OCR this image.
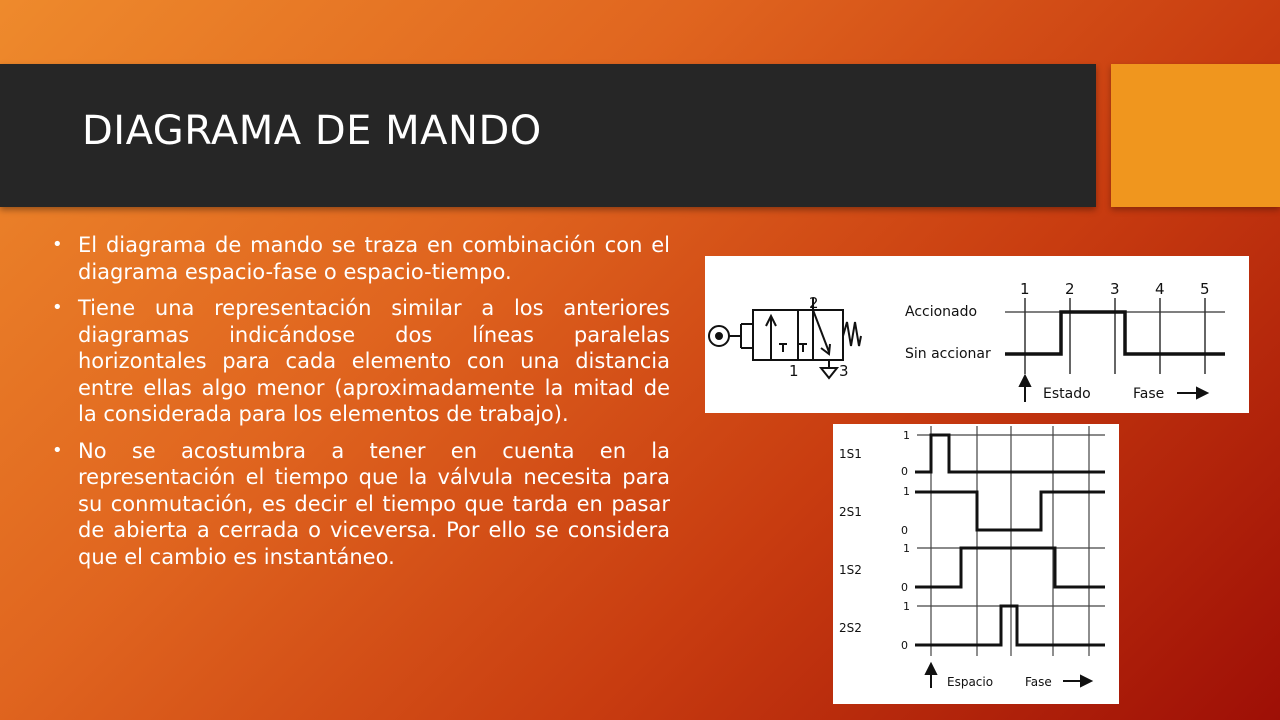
DIAGRAMA DE MANDO
• El diagrama de mando se traza en combinación con el diagrama espacio-fase o espacio-tiempo.
• Tiene una representación similar a los anteriores diagramas indicándose dos líneas paralelas horizontales para cada elemento con una distancia entre ellas algo menor (aproximadamente la mitad de la considerada para los elementos de trabajo).
• No se acostumbra a tener en cuenta en la representación el tiempo que la válvula necesita para su conmutación, es decir el tiempo que tarda en pasar de abierta a cerrada o viceversa. Por ello se considera que el cambio es instantáneo.
2
1	3
1 2 3 4 5
Accionado
Sin accionar
Estado	Fase
1S1
1
0
2S1
1
0
1S2
1
0
2S2
1
0
Espacio	Fase
